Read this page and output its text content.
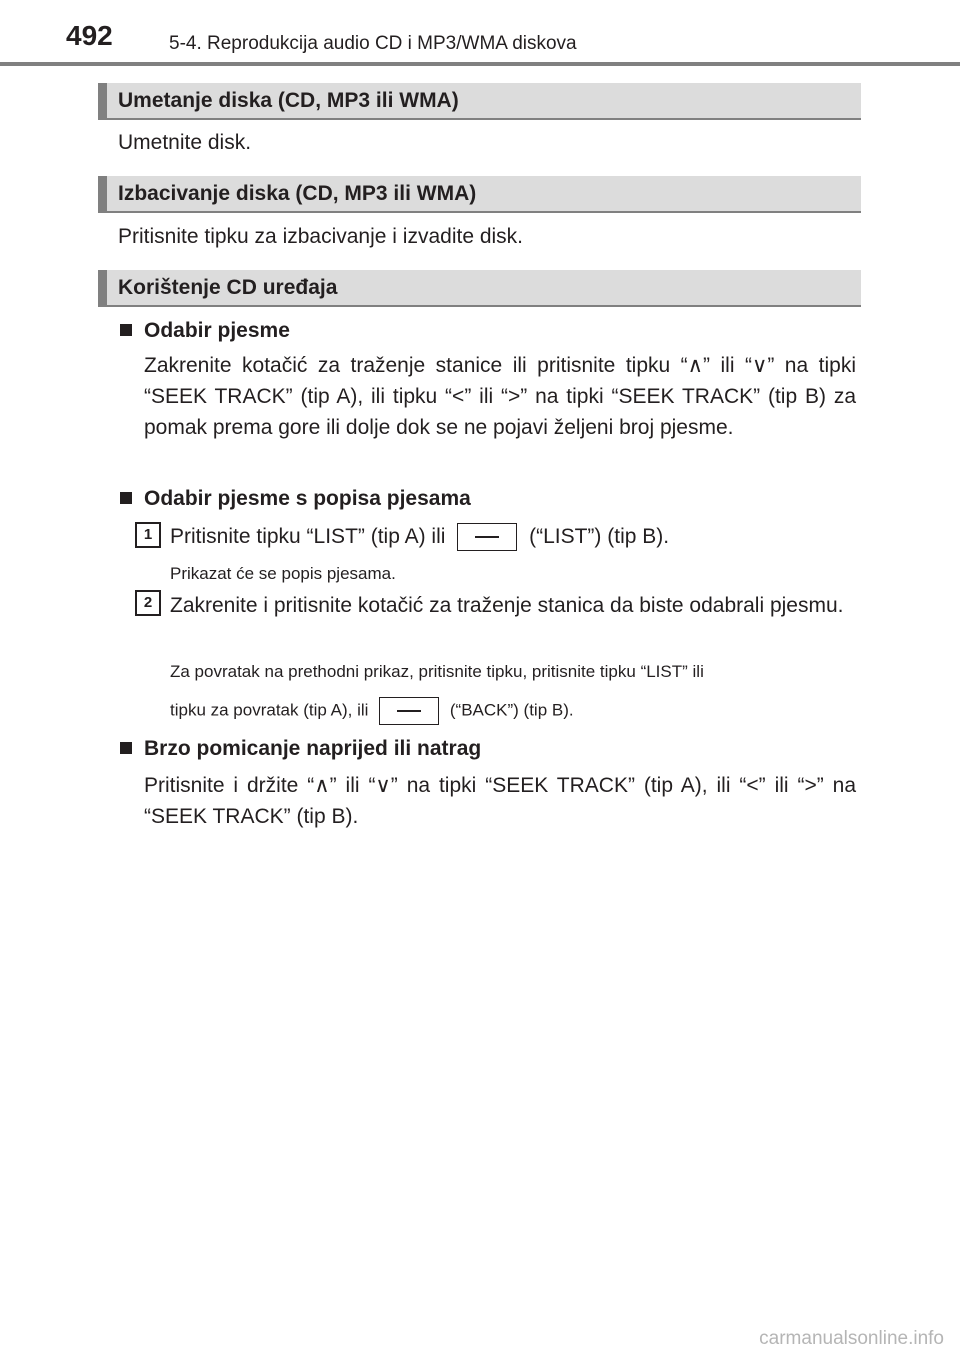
492	5-4. Reprodukcija audio CD i MP3/WMA diskova
Umetanje diska (CD, MP3 ili WMA)
Umetnite disk.
Izbacivanje diska (CD, MP3 ili WMA)
Pritisnite tipku za izbacivanje i izvadite disk.
Korištenje CD uređaja
Odabir pjesme
Zakrenite kotačić za traženje stanice ili pritisnite tipku “∧” ili “∨” na tipki “SEEK TRACK” (tip A), ili tipku “<” ili “>” na tipki “SEEK TRACK” (tip B) za pomak prema gore ili dolje dok se ne pojavi željeni broj pjesme.
Odabir pjesme s popisa pjesama
1 Pritisnite tipku “LIST” (tip A) ili	(“LIST”) (tip B).
Prikazat će se popis pjesama.
2 Zakrenite i pritisnite kotačić za traženje stanica da biste odabrali pjesmu.
Za povratak na prethodni prikaz, pritisnite tipku, pritisnite tipku “LIST” ili
tipku za povratak (tip A), ili	(“BACK”) (tip B).
Brzo pomicanje naprijed ili natrag
Pritisnite i držite “∧” ili “∨” na tipki “SEEK TRACK” (tip A), ili “<” ili “>” na “SEEK TRACK” (tip B).
carmanualsonline.info
